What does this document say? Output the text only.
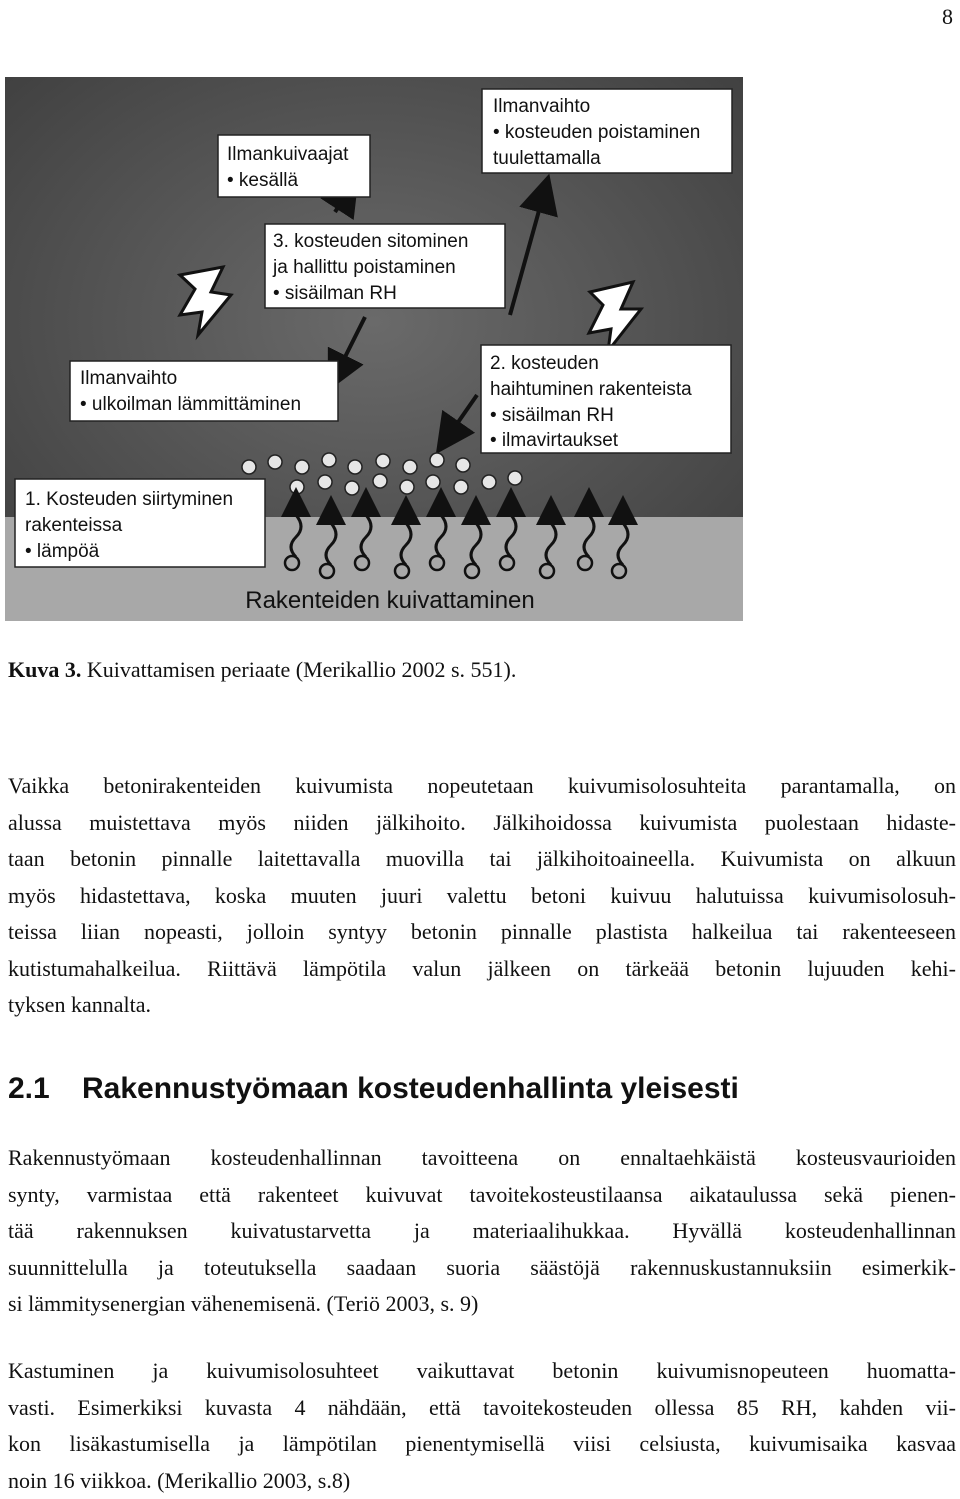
8
Ilmanvaihto • kosteuden poistaminen tuulettamalla
Ilmankuivaajat • kesällä
3. kosteuden sitominen ja hallittu poistaminen • sisäilman RH
Ilmanvaihto • ulkoilman lämmittäminen
2. kosteuden haihtuminen rakenteista • sisäilman RH • ilmavirtaukset
1. Kosteuden siirtyminen rakenteissa • lämpöä
Rakenteiden kuivattaminen
Kuva 3. Kuivattamisen periaate (Merikallio 2002 s. 551).
Vaikka betonirakenteiden kuivumista nopeutetaan kuivumisolosuhteita parantamalla, on
alussa muistettava myös niiden jälkihoito. Jälkihoidossa kuivumista puolestaan hidaste-
taan betonin pinnalle laitettavalla muovilla tai jälkihoitoaineella. Kuivumista on alkuun
myös hidastettava, koska muuten juuri valettu betoni kuivuu halutuissa kuivumisolosuh-
teissa liian nopeasti, jolloin syntyy betonin pinnalle plastista halkeilua tai rakenteeseen
kutistumahalkeilua. Riittävä lämpötila valun jälkeen on tärkeää betonin lujuuden kehi-
tyksen kannalta.
2.1 Rakennustyömaan kosteudenhallinta yleisesti
Rakennustyömaan kosteudenhallinnan tavoitteena on ennaltaehkäistä kosteusvaurioiden
synty, varmistaa että rakenteet kuivuvat tavoitekosteustilaansa aikataulussa sekä pienen-
tää rakennuksen kuivatustarvetta ja materiaalihukkaa. Hyvällä kosteudenhallinnan
suunnittelulla ja toteutuksella saadaan suoria säästöjä rakennuskustannuksiin esimerkik-
si lämmitysenergian vähenemisenä. (Teriö 2003, s. 9)
Kastuminen ja kuivumisolosuhteet vaikuttavat betonin kuivumisnopeuteen huomatta-
vasti. Esimerkiksi kuvasta 4 nähdään, että tavoitekosteuden ollessa 85 RH, kahden vii-
kon lisäkastumisella ja lämpötilan pienentymisellä viisi celsiusta, kuivumisaika kasvaa
noin 16 viikkoa. (Merikallio 2003, s.8)
